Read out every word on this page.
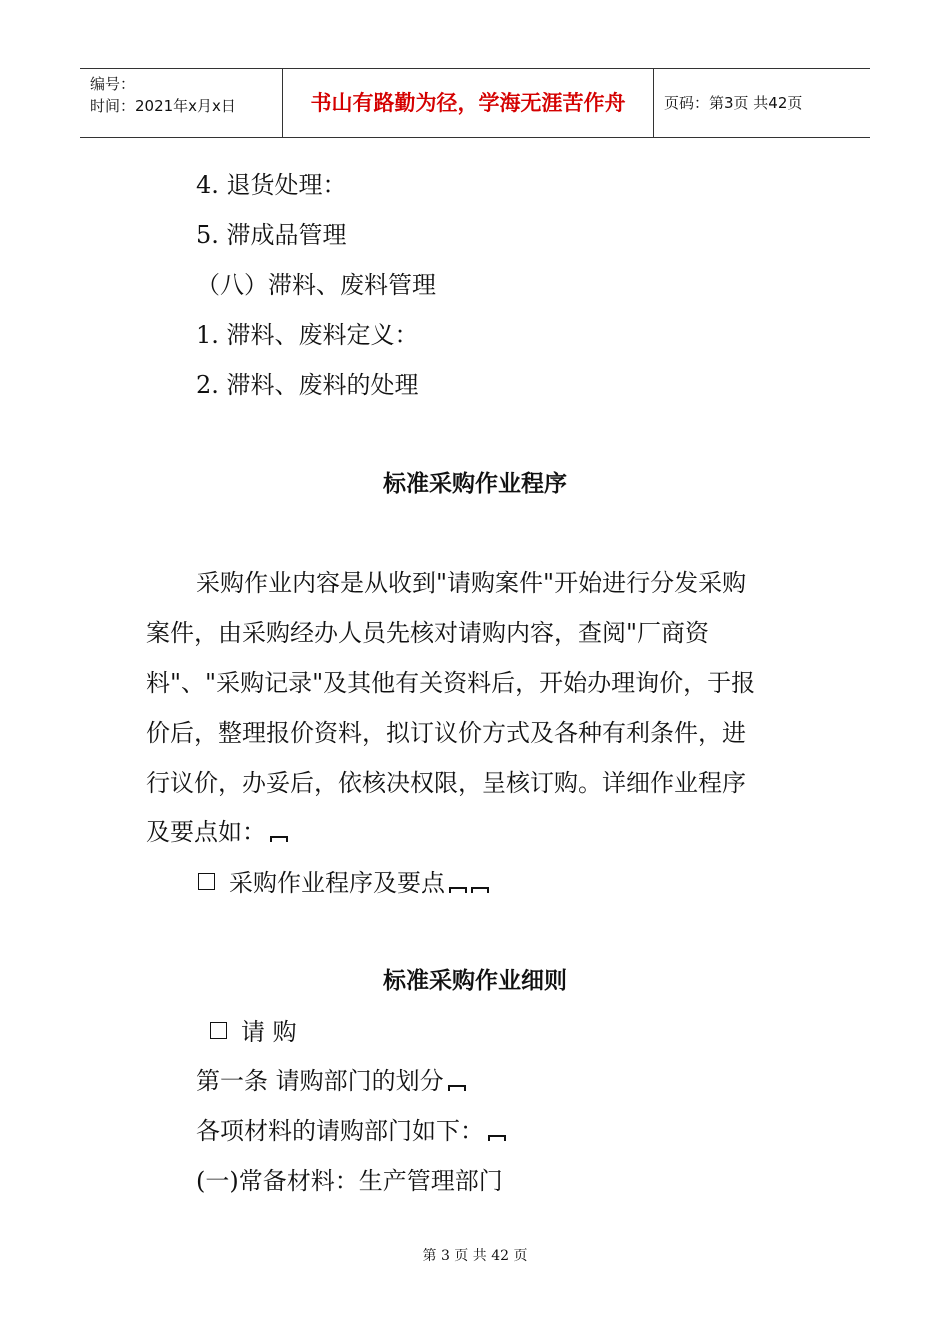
编号：
时间：2021年x月x日	书山有路勤为径，学海无涯苦作舟	页码：第3页 共42页
4. 退货处理：
5. 滞成品管理
（八）滞料、废料管理
1. 滞料、废料定义：
2. 滞料、废料的处理
标准采购作业程序
采购作业内容是从收到"请购案件"开始进行分发采购
案件，由采购经办人员先核对请购内容，查阅"厂商资
料"、"采购记录"及其他有关资料后，开始办理询价，于报
价后，整理报价资料，拟订议价方式及各种有利条件，进
行议价，办妥后，依核决权限，呈核订购。详细作业程序
及要点如：
采购作业程序及要点
标准采购作业细则
请 购
第一条 请购部门的划分
各项材料的请购部门如下：
(一)常备材料：生产管理部门
第 3 页 共 42 页
